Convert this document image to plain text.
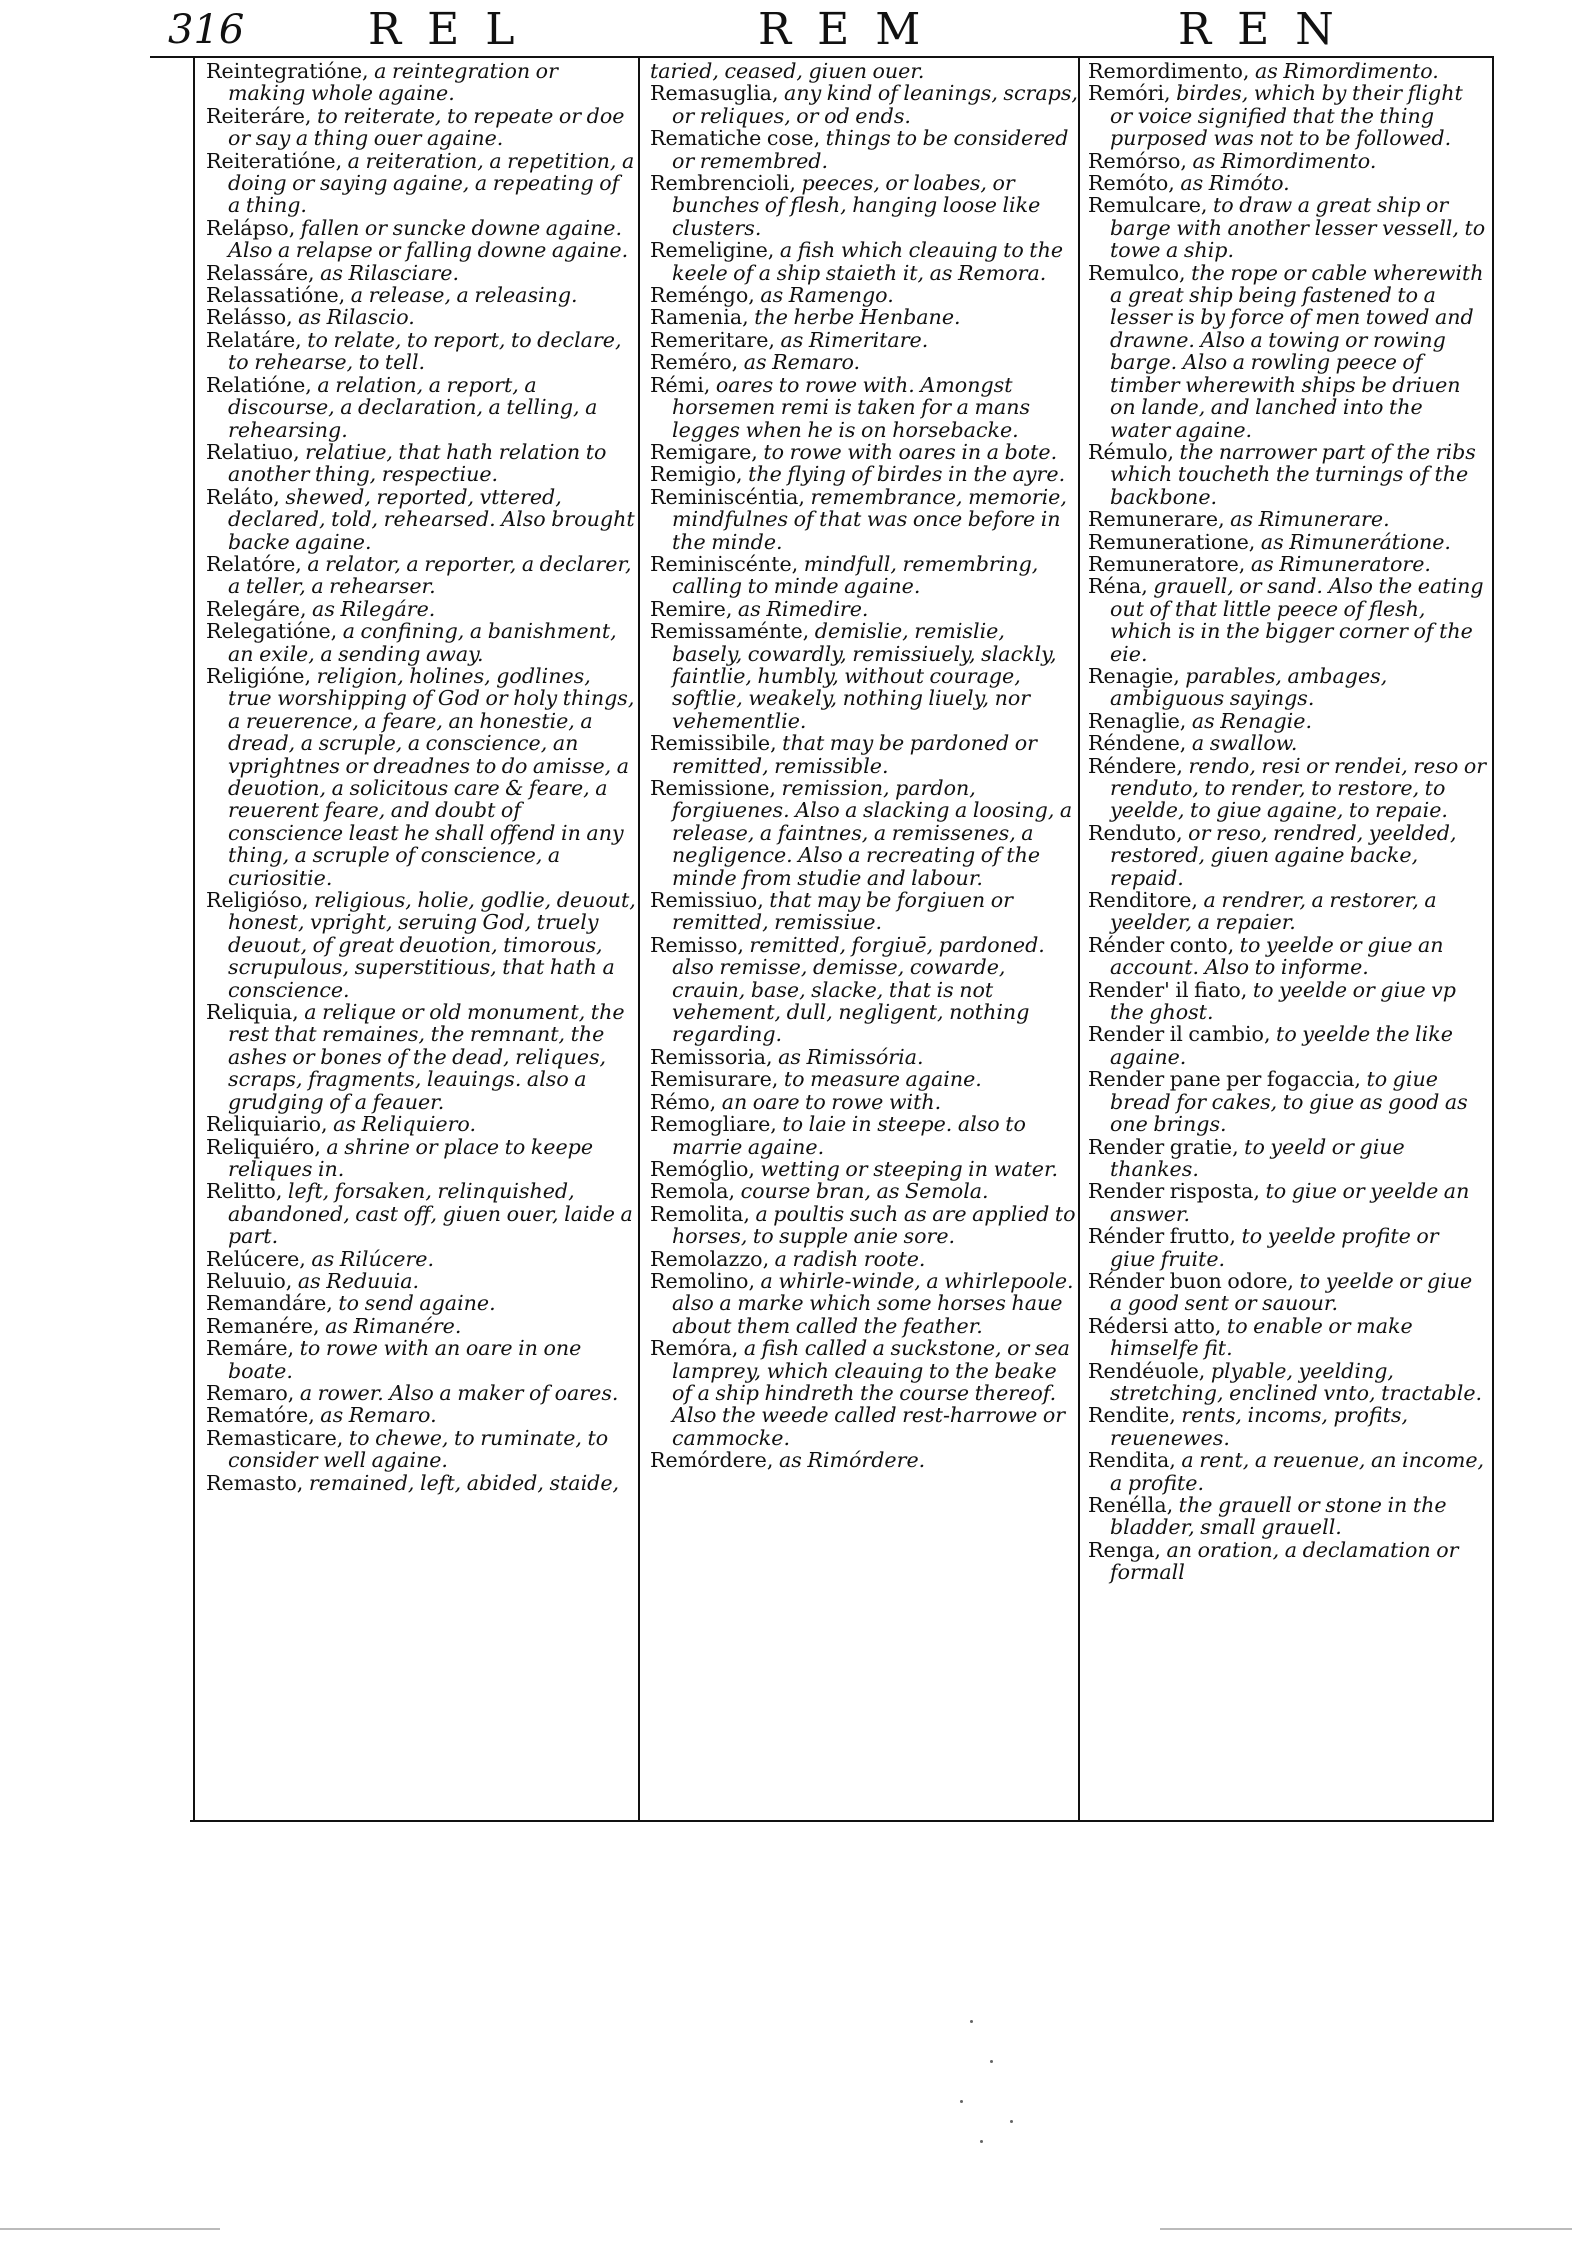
316	REL	REM	REN

Reintegratióne, a reintegration or making whole againe.

Reiteráre, to reiterate, to repeate or doe or say a thing ouer againe.

Reiteratióne, a reiteration, a repetition, a doing or saying againe, a repeating of a thing.

Relápso, fallen or suncke downe againe. Also a relapse or falling downe againe.

Relassáre, as Rilasciare.

Relassatióne, a release, a releasing.

Relásso, as Rilascio.

Relatáre, to relate, to report, to declare, to rehearse, to tell.

Relatióne, a relation, a report, a discourse, a declaration, a telling, a rehearsing.

Relatiuo, relatiue, that hath relation to another thing, respectiue.

Reláto, shewed, reported, vttered, declared, told, rehearsed. Also brought backe againe.

Relatóre, a relator, a reporter, a declarer, a teller, a rehearser.

Relegáre, as Rilegáre.

Relegatióne, a confining, a banishment, an exile, a sending away.

Religióne, religion, holines, godlines, true worshipping of God or holy things, a reuerence, a feare, an honestie, a dread, a scruple, a conscience, an vprightnes or dreadnes to do amisse, a deuotion, a solicitous care & feare, a reuerent feare, and doubt of conscience least he shall offend in any thing, a scruple of conscience, a curiositie.

Religióso, religious, holie, godlie, deuout, honest, vpright, seruing God, truely deuout, of great deuotion, timorous, scrupulous, superstitious, that hath a conscience.

Reliquia, a relique or old monument, the rest that remaines, the remnant, the ashes or bones of the dead, reliques, scraps, fragments, leauings. also a grudging of a feauer.

Reliquiario, as Reliquiero.

Reliquiéro, a shrine or place to keepe reliques in.

Relitto, left, forsaken, relinquished, abandoned, cast off, giuen ouer, laide a part.

Relúcere, as Rilúcere.

Reluuio, as Reduuia.

Remandáre, to send againe.

Remanére, as Rimanére.

Remáre, to rowe with an oare in one boate.

Remaro, a rower. Also a maker of oares.

Rematóre, as Remaro.

Remasticare, to chewe, to ruminate, to consider well againe.

Remasto, remained, left, abided, staide,

taried, ceased, giuen ouer.

Remasuglia, any kind of leanings, scraps, or reliques, or od ends.

Rematiche cose, things to be considered or remembred.

Rembrencioli, peeces, or loabes, or bunches of flesh, hanging loose like clusters.

Remeligine, a fish which cleauing to the keele of a ship staieth it, as Remora.

Reméngo, as Ramengo.

Ramenia, the herbe Henbane.

Remeritare, as Rimeritare.

Reméro, as Remaro.

Rémi, oares to rowe with. Amongst horsemen remi is taken for a mans legges when he is on horsebacke.

Remigare, to rowe with oares in a bote.

Remigio, the flying of birdes in the ayre.

Reminiscéntia, remembrance, memorie, mindfulnes of that was once before in the minde.

Reminiscénte, mindfull, remembring, calling to minde againe.

Remire, as Rimedire.

Remissaménte, demislie, remislie, basely, cowardly, remissiuely, slackly, faintlie, humbly, without courage, softlie, weakely, nothing liuely, nor vehementlie.

Remissibile, that may be pardoned or remitted, remissible.

Remissione, remission, pardon, forgiuenes. Also a slacking a loosing, a release, a faintnes, a remissenes, a negligence. Also a recreating of the minde from studie and labour.

Remissiuo, that may be forgiuen or remitted, remissiue.

Remisso, remitted, forgiuē, pardoned. also remisse, demisse, cowarde, crauin, base, slacke, that is not vehement, dull, negligent, nothing regarding.

Remissoria, as Rimissória.

Remisurare, to measure againe.

Rémo, an oare to rowe with.

Remogliare, to laie in steepe. also to marrie againe.

Remóglio, wetting or steeping in water.

Remola, course bran, as Semola.

Remolita, a poultis such as are applied to horses, to supple anie sore.

Remolazzo, a radish roote.

Remolino, a whirle-winde, a whirlepoole. also a marke which some horses haue about them called the feather.

Remóra, a fish called a suckstone, or sea lamprey, which cleauing to the beake of a ship hindreth the course thereof. Also the weede called rest-harrowe or cammocke.

Remórdere, as Rimórdere.

Remordimento, as Rimordimento.

Remóri, birdes, which by their flight or voice signified that the thing purposed was not to be followed.

Remórso, as Rimordimento.

Remóto, as Rimóto.

Remulcare, to draw a great ship or barge with another lesser vessell, to towe a ship.

Remulco, the rope or cable wherewith a great ship being fastened to a lesser is by force of men towed and drawne. Also a towing or rowing barge. Also a rowling peece of timber wherewith ships be driuen on lande, and lanched into the water againe.

Rémulo, the narrower part of the ribs which toucheth the turnings of the backbone.

Remunerare, as Rimunerare.

Remuneratione, as Rimunerátione.

Remuneratore, as Rimuneratore.

Réna, grauell, or sand. Also the eating out of that little peece of flesh, which is in the bigger corner of the eie.

Renagie, parables, ambages, ambiguous sayings.

Renaglie, as Renagie.

Réndene, a swallow.

Réndere, rendo, resi or rendei, reso or renduto, to render, to restore, to yeelde, to giue againe, to repaie.

Renduto, or reso, rendred, yeelded, restored, giuen againe backe, repaid.

Renditore, a rendrer, a restorer, a yeelder, a repaier.

Rénder conto, to yeelde or giue an account. Also to informe.

Render' il fiato, to yeelde or giue vp the ghost.

Render il cambio, to yeelde the like againe.

Render pane per fogaccia, to giue bread for cakes, to giue as good as one brings.

Render gratie, to yeeld or giue thankes.

Render risposta, to giue or yeelde an answer.

Rénder frutto, to yeelde profite or giue fruite.

Rénder buon odore, to yeelde or giue a good sent or sauour.

Rédersi atto, to enable or make himselfe fit.

Rendéuole, plyable, yeelding, stretching, enclined vnto, tractable.

Rendite, rents, incoms, profits, reuenewes.

Rendita, a rent, a reuenue, an income, a profite.

Renélla, the grauell or stone in the bladder, small grauell.

Renga, an oration, a declamation or formall
